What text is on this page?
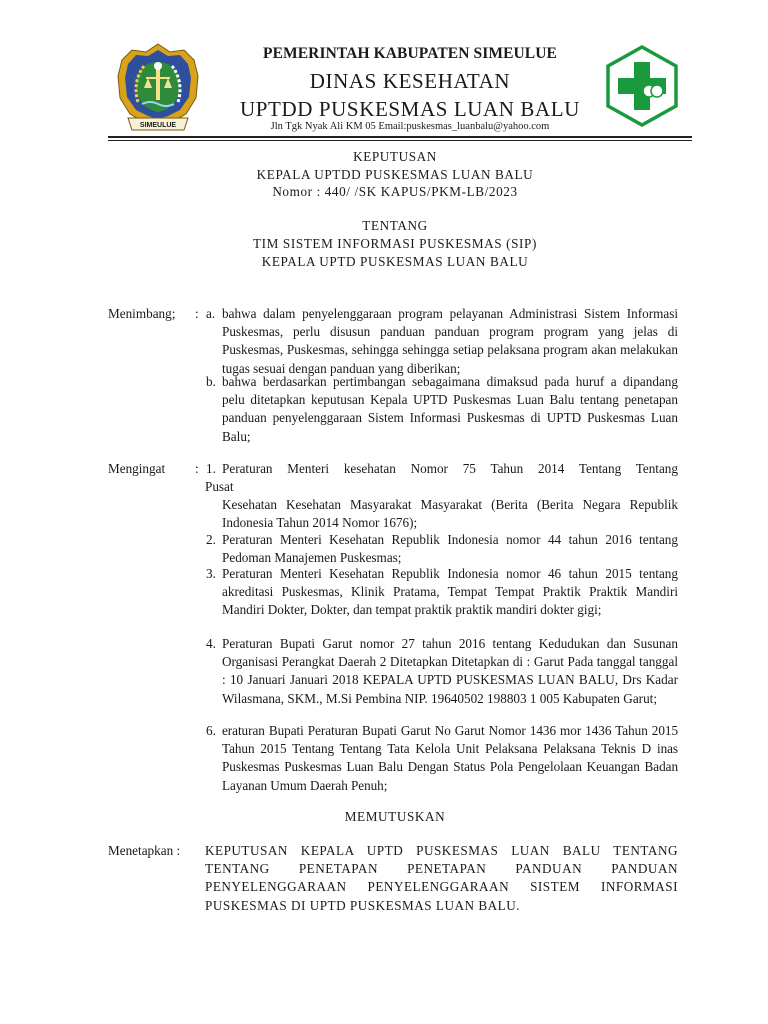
SIMEULUE
PEMERINTAH KABUPATEN SIMEULUE
DINAS KESEHATAN
UPTDD PUSKESMAS LUAN BALU
Jln Tgk Nyak Ali KM 05 Email:puskesmas_luanbalu@yahoo.com
KEPUTUSAN
KEPALA UPTDD PUSKESMAS LUAN BALU
Nomor : 440/ /SK KAPUS/PKM-LB/2023
TENTANG
TIM SISTEM INFORMASI PUSKESMAS (SIP)
KEPALA UPTD PUSKESMAS LUAN BALU
Menimbang; : a. bahwa dalam penyelenggaraan program pelayanan Administrasi Sistem Informasi Puskesmas, perlu disusun panduan panduan program program yang jelas di Puskesmas, Puskesmas, sehingga sehingga setiap pelaksana program akan melakukan tugas sesuai dengan panduan yang diberikan;
b. bahwa berdasarkan pertimbangan sebagaimana dimaksud pada huruf a dipandang pelu ditetapkan keputusan Kepala UPTD Puskesmas Luan Balu tentang penetapan panduan penyelenggaraan Sistem Informasi Puskesmas di UPTD Puskesmas Luan Balu;
Mengingat : 1. Peraturan Menteri kesehatan Nomor 75 Tahun 2014 Tentang Tentang
Pusat
Kesehatan Kesehatan Masyarakat Masyarakat (Berita (Berita Negara Republik Indonesia Tahun 2014 Nomor 1676);
2. Peraturan Menteri Kesehatan Republik Indonesia nomor 44 tahun 2016 tentang Pedoman Manajemen Puskesmas;
3. Peraturan Menteri Kesehatan Republik Indonesia nomor 46 tahun 2015 tentang akreditasi Puskesmas, Klinik Pratama, Tempat Tempat Praktik Praktik Mandiri Mandiri Dokter, Dokter, dan tempat praktik praktik mandiri dokter gigi;
4. Peraturan Bupati Garut nomor 27 tahun 2016 tentang Kedudukan dan Susunan Organisasi Perangkat Daerah 2 Ditetapkan Ditetapkan di : Garut Pada tanggal tanggal : 10 Januari Januari 2018 KEPALA UPTD PUSKESMAS LUAN BALU, Drs Kadar Wilasmana, SKM., M.Si Pembina NIP. 19640502 198803 1 005 Kabupaten Garut;
6. eraturan Bupati Peraturan Bupati Garut No Garut Nomor 1436 mor 1436 Tahun 2015 Tahun 2015 Tentang Tentang Tata Kelola Unit Pelaksana Pelaksana Teknis D inas Puskesmas Puskesmas Luan Balu Dengan Status Pola Pengelolaan Keuangan Badan Layanan Umum Daerah Penuh;
MEMUTUSKAN
Menetapkan : KEPUTUSAN KEPALA UPTD PUSKESMAS LUAN BALU TENTANG TENTANG PENETAPAN PENETAPAN PANDUAN PANDUAN PENYELENGGARAAN PENYELENGGARAAN SISTEM INFORMASI PUSKESMAS DI UPTD PUSKESMAS LUAN BALU.
